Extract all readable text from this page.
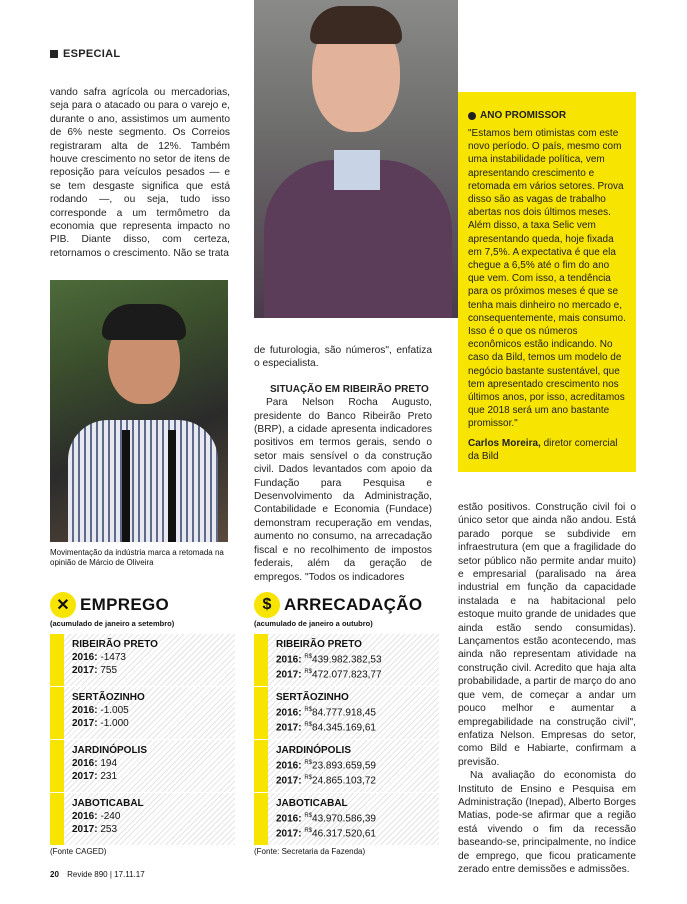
ESPECIAL

vando safra agrícola ou mercadorias, seja para o atacado ou para o varejo e, durante o ano, assistimos um aumento de 6% neste segmento. Os Correios registraram alta de 12%. Também houve crescimento no setor de itens de reposição para veículos pesados — e se tem desgaste significa que está rodando —, ou seja, tudo isso corresponde a um termômetro da economia que representa impacto no PIB. Diante disso, com certeza, retornamos o crescimento. Não se trata

Movimentação da indústria marca a retomada na opinião de Márcio de Oliveira

de futurologia, são números", enfatiza o especialista.

SITUAÇÃO EM RIBEIRÃO PRETO

Para Nelson Rocha Augusto, presidente do Banco Ribeirão Preto (BRP), a cidade apresenta indicadores positivos em termos gerais, sendo o setor mais sensível o da construção civil. Dados levantados com apoio da Fundação para Pesquisa e Desenvolvimento da Administração, Contabilidade e Economia (Fundace) demonstram recuperação em vendas, aumento no consumo, na arrecadação fiscal e no recolhimento de impostos federais, além da geração de empregos. "Todos os indicadores

ANO PROMISSOR
"Estamos bem otimistas com este novo período. O país, mesmo com uma instabilidade política, vem apresentando crescimento e retomada em vários setores. Prova disso são as vagas de trabalho abertas nos dois últimos meses. Além disso, a taxa Selic vem apresentando queda, hoje fixada em 7,5%. A expectativa é que ela chegue a 6,5% até o fim do ano que vem. Com isso, a tendência para os próximos meses é que se tenha mais dinheiro no mercado e, consequentemente, mais consumo. Isso é o que os números econômicos estão indicando. No caso da Bild, temos um modelo de negócio bastante sustentável, que tem apresentado crescimento nos últimos anos, por isso, acreditamos que 2018 será um ano bastante promissor."
Carlos Moreira, diretor comercial da Bild

estão positivos. Construção civil foi o único setor que ainda não andou. Está parado porque se subdivide em infraestrutura (em que a fragilidade do setor público não permite andar muito) e empresarial (paralisado na área industrial em função da capacidade instalada e na habitacional pelo estoque muito grande de unidades que ainda estão sendo consumidas). Lançamentos estão acontecendo, mas ainda não representam atividade na construção civil. Acredito que haja alta probabilidade, a partir de março do ano que vem, de começar a andar um pouco melhor e aumentar a empregabilidade na construção civil", enfatiza Nelson. Empresas do setor, como Bild e Habiarte, confirmam a previsão.

Na avaliação do economista do Instituto de Ensino e Pesquisa em Administração (Inepad), Alberto Borges Matias, pode-se afirmar que a região está vivendo o fim da recessão baseando-se, principalmente, no índice de emprego, que ficou praticamente zerado entre demissões e admissões.

✕ EMPREGO
(acumulado de janeiro a setembro)
RIBEIRÃO PRETO
2016: -1473
2017: 755
SERTÃOZINHO
2016: -1.005
2017: -1.000
JARDINÓPOLIS
2016: 194
2017: 231
JABOTICABAL
2016: -240
2017: 253
(Fonte CAGED)
$ ARRECADAÇÃO
(acumulado de janeiro a outubro)
RIBEIRÃO PRETO
2016: $^{R\$}$439.982.382,53
2017: $^{R\$}$472.077.823,77
SERTÃOZINHO
2016: $^{R\$}$84.777.918,45
2017: $^{R\$}$84.345.169,61
JARDINÓPOLIS
2016: $^{R\$}$23.893.659,59
2017: $^{R\$}$24.865.103,72
JABOTICABAL
2016: $^{R\$}$43.970.586,39
2017: $^{R\$}$46.317.520,61
(Fonte: Secretaria da Fazenda)
20 Revide 890 | 17.11.17
